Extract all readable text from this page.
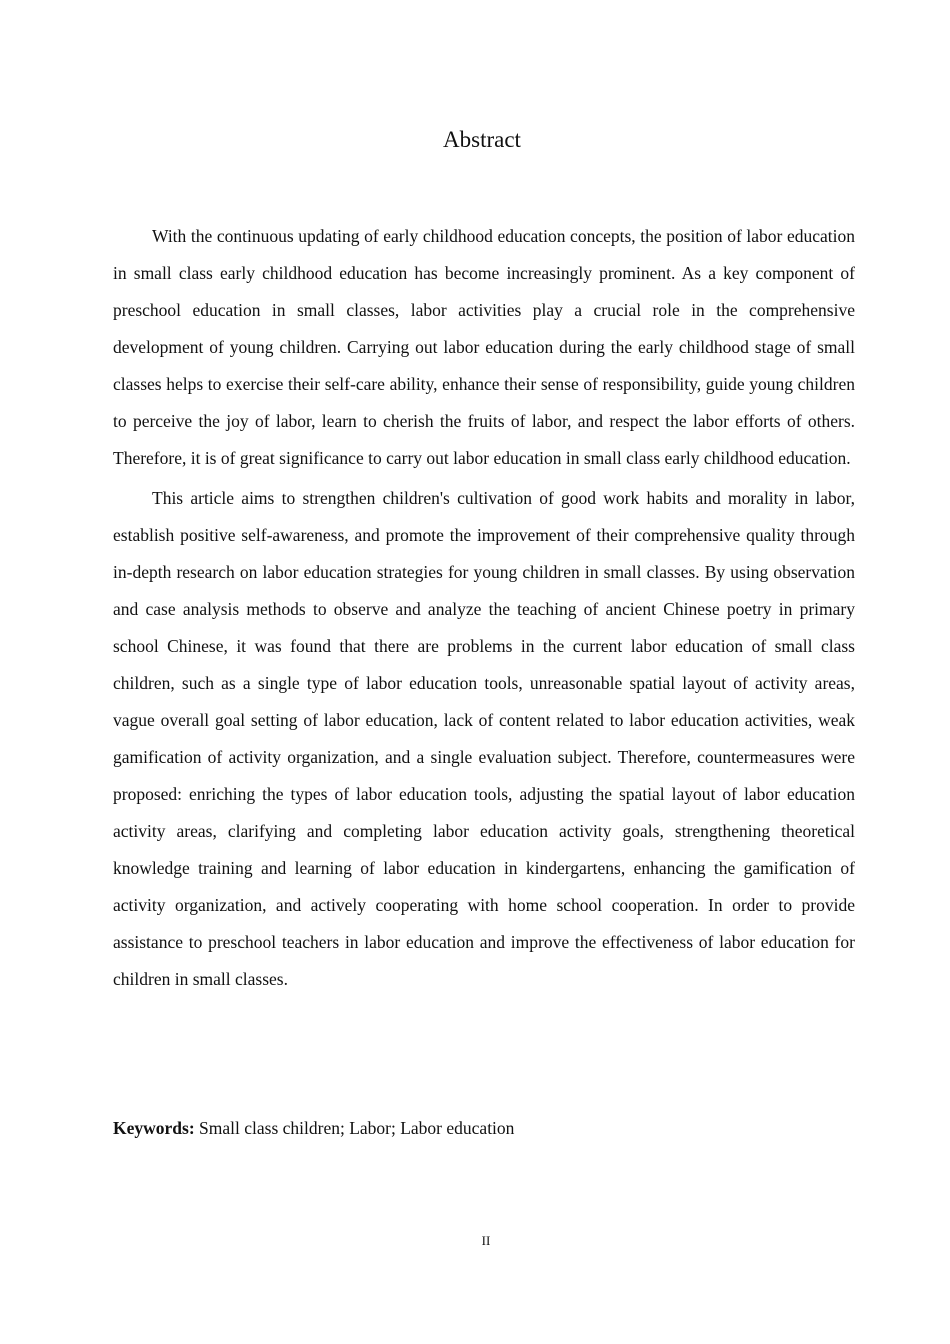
Abstract

With the continuous updating of early childhood education concepts, the position of labor education in small class early childhood education has become increasingly prominent. As a key component of preschool education in small classes, labor activities play a crucial role in the comprehensive development of young children. Carrying out labor education during the early childhood stage of small classes helps to exercise their self-care ability, enhance their sense of responsibility, guide young children to perceive the joy of labor, learn to cherish the fruits of labor, and respect the labor efforts of others. Therefore, it is of great significance to carry out labor education in small class early childhood education.

This article aims to strengthen children's cultivation of good work habits and morality in labor, establish positive self-awareness, and promote the improvement of their comprehensive quality through in-depth research on labor education strategies for young children in small classes. By using observation and case analysis methods to observe and analyze the teaching of ancient Chinese poetry in primary school Chinese, it was found that there are problems in the current labor education of small class children, such as a single type of labor education tools, unreasonable spatial layout of activity areas, vague overall goal setting of labor education, lack of content related to labor education activities, weak gamification of activity organization, and a single evaluation subject. Therefore, countermeasures were proposed: enriching the types of labor education tools, adjusting the spatial layout of labor education activity areas, clarifying and completing labor education activity goals, strengthening theoretical knowledge training and learning of labor education in kindergartens, enhancing the gamification of activity organization, and actively cooperating with home school cooperation. In order to provide assistance to preschool teachers in labor education and improve the effectiveness of labor education for children in small classes.

Keywords: Small class children; Labor; Labor education

II
